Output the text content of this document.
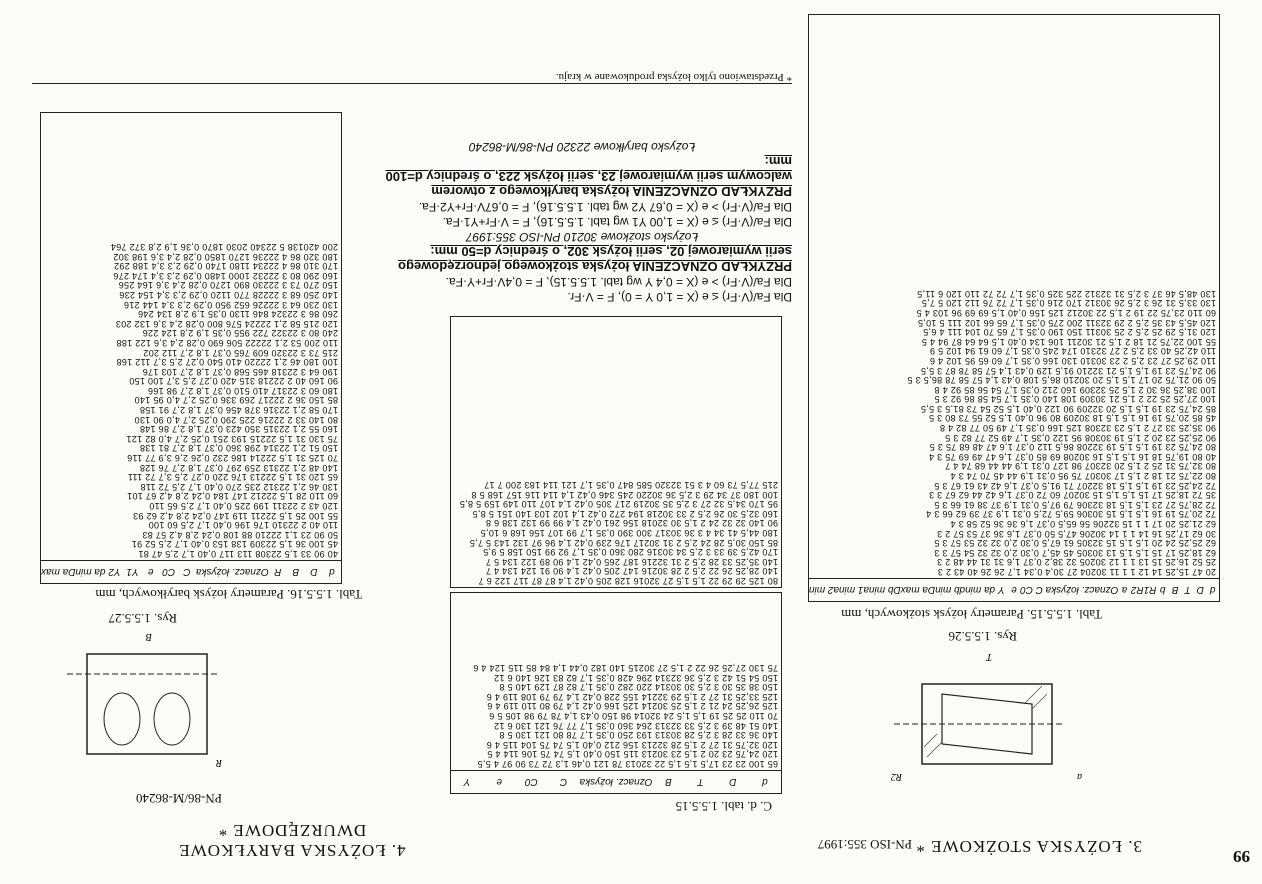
99
3. ŁOŻYSKA STOŻKOWE *
PN-ISO 355:1997
a
R2
T
Rys. 1.5.5.26
Tabl. 1.5.5.15. Parametry łożysk stożkowych, mm
d
D
T
B
b
R1
R2
a
Oznacz. łożyska
C
C0
e
Y
da min
db min
Da max
Db min
a1 min
a2 min
20 47 15,25 14 12 1 1 11 30204 27 30,4 0,34 1,7 26 26 40 43 2 3
25 52 16,25 15 13 1 1 12 30205 32 38,2 0,37 1,6 31 31 44 48 2 3
62 18,25 17 15 1,5 1,5 13 30305 45 45,7 0,30 2,0 32 32 54 57 3 3
62 25,25 24 20 1,5 1,5 15 32305 61 67,5 0,30 2,0 32 32 53 57 3 5
30 62 17,25 16 14 1 1 14 30206 47,5 50 0,37 1,6 36 37 53 57 2 3
62 21,25 20 17 1 1 15 32206 56 65,5 0,37 1,6 36 36 52 58 3 4
72 20,75 19 16 1,5 1,5 15 30306 59,5 72,5 0,31 1,9 37 39 62 66 3 4
72 28,75 27 23 1,5 1,5 18 32306 79 97,5 0,31 1,9 37 38 61 66 3 5
35 72 18,25 17 15 1,5 1,5 15 30207 60 72 0,37 1,6 42 44 62 67 3 3
72 24,25 23 19 1,5 1,5 18 32207 71 91,5 0,37 1,6 42 43 61 67 3 5
80 22,75 21 18 2 1,5 17 30307 75 95 0,31 1,9 44 45 70 74 3 4
80 32,75 31 25 2 1,5 20 32307 98 127 0,31 1,9 44 44 68 74 4 7
40 80 19,75 18 16 1,5 1,5 16 30208 69 85 0,37 1,6 47 49 69 75 3 4
80 24,75 23 19 1,5 1,5 19 32208 86,5 112 0,37 1,6 47 48 68 75 3 5
90 25,25 23 20 2 1,5 19 30308 95 122 0,35 1,7 49 52 77 82 3 5
90 35,25 33 27 2 1,5 23 32308 125 166 0,35 1,7 49 50 77 82 4 8
45 85 20,75 19 16 1,5 1,5 18 30209 80 96 0,40 1,5 52 55 73 80 3 5
85 24,75 23 19 1,5 1,5 20 32209 90 122 0,40 1,5 52 54 73 81,5 3 5,5
100 27,25 25 22 2 1,5 21 30309 108 140 0,35 1,7 54 58 86 92 3 5
100 38,25 36 30 2 1,5 25 32309 160 212 0,35 1,7 54 56 85 92 4 8
50 90 21,75 20 17 1,5 1,5 20 30210 86,5 108 0,43 1,4 57 58 78 86,5 3 5
90 24,75 23 19 1,5 1,5 21 32210 91,5 129 0,43 1,4 57 58 78 87 3 5,5
110 29,25 27 23 2,5 2 23 30310 130 166 0,35 1,7 60 65 95 102 4 6
110 42,25 40 33 2,5 2 27 32310 174 245 0,35 1,7 60 61 94 102 5 9
55 100 22,75 21 18 2 1,5 21 30211 106 134 0,40 1,5 64 64 87 94 4 5
120 31,5 29 25 2,5 2 25 30311 150 190 0,35 1,7 65 70 104 111 4 6,5
120 45,5 43 35 2,5 2 29 32311 200 275 0,35 1,7 65 66 102 111 5 10,5
60 110 23,75 22 19 2 1,5 22 30212 125 156 0,40 1,5 69 69 96 103 4 5
130 33,5 31 26 3 2,5 26 30312 170 216 0,35 1,7 72 76 112 120 5 7,5
130 48,5 46 37 3 2,5 31 32312 225 325 0,35 1,7 72 72 110 120 6 11,5
4. ŁOŻYSKA BARYŁKOWE DWURZĘDOWE *
PN-86/M-86240
C. d. tabl. 1.5.5.15
d
D
T
B
Oznacz. łożyska
C
C0
e
Y
65 100 23 23 17,5 1,5 1,5 22 32013 78 121 0,46 1,3 72 73 90 97 4 5,5
120 24,75 23 20 2 1,5 23 30213 115 150 0,40 1,5 74 75 106 114 4 5
120 32,75 31 27 2 1,5 28 32213 156 212 0,40 1,5 74 75 104 115 4 6
140 36 33 28 3 2,5 28 30313 193 250 0,35 1,7 78 80 121 130 5 8
140 51 48 39 3 2,5 33 32313 264 360 0,35 1,7 77 76 121 130 6 12
70 110 25 25 19 1,5 1,5 24 32014 98 150 0,43 1,4 78 79 98 105 5 6
125 26,25 24 21 2 1,5 25 30214 125 166 0,42 1,4 79 80 110 119 4 6
125 33,25 31 27 2 1,5 29 32214 155 228 0,42 1,4 79 79 108 119 4 6
150 38 35 30 3 2,5 30 30314 220 282 0,35 1,7 82 87 129 140 5 8
150 54 51 42 3 2,5 36 32314 296 428 0,35 1,7 82 83 126 140 6 12
75 130 27,25 26 22 2 1,5 27 30215 140 182 0,44 1,4 84 85 115 124 4 6
80 125 29 29 22 1,5 1,5 27 32016 128 205 0,42 1,4 87 87 117 122 6 7
140 28,25 26 22 2,5 2 28 30216 147 205 0,42 1,4 90 91 124 134 4 7
140 35,25 33 28 2,5 2 31 32216 187 265 0,42 1,4 90 89 122 134 5 7
170 42,5 39 33 3 2,5 34 30316 280 360 0,35 1,7 92 99 150 158 5 9,5
85 150 30,5 28 24 2,5 2 31 30217 176 239 0,42 1,4 96 97 132 143 5 7,5
180 44,5 41 34 4 3 36 30317 300 390 0,35 1,7 99 107 156 168 6 10,5
90 140 32 32 24 2 1,5 30 32018 156 261 0,42 1,4 99 99 132 138 6 8
160 32,5 30 26 2,5 2 33 30218 194 272 0,42 1,4 102 103 140 151 5 8,5
95 170 34,5 32 27 3 2,5 35 30219 217 305 0,42 1,4 107 110 149 159 5 8,5
100 180 37 34 29 3 2,5 36 30220 245 346 0,42 1,4 114 116 157 168 5 8
215 77,5 73 60 4 3 51 32320 585 847 0,35 1,7 121 114 183 200 7 17
R
B
Rys. 1.5.5.27
Tabl. 1.5.5.16. Parametry łożysk baryłkowych, mm
d
D
B
R
Oznacz. łożyska
C
C0
e
Y1
Y2
da min
Da max
40 90 33 1,5 22308 113 117 0,40 1,7 2,5 47 81
45 100 36 1,5 22309 138 153 0,40 1,7 2,5 52 91
50 90 23 1,1 22210 88 108 0,24 2,8 4,2 57 83
110 40 2 22310 176 196 0,40 1,7 2,5 60 100
55 100 25 1,5 22211 119 147 0,24 2,8 4,2 62 93
120 43 2 22311 199 225 0,40 1,7 2,5 65 110
60 110 28 1,5 22212 147 184 0,24 2,8 4,2 67 101
130 46 2,1 22312 235 270 0,40 1,7 2,5 72 118
65 120 31 1,5 22213 176 220 0,27 2,5 3,7 72 111
140 48 2,1 22313 259 297 0,37 1,8 2,7 76 128
70 125 31 1,5 22214 186 232 0,26 2,6 3,9 77 116
150 51 2,1 22314 298 360 0,37 1,8 2,7 81 138
75 130 31 1,5 22215 193 251 0,25 2,7 4,0 82 121
160 55 2,1 22315 350 423 0,37 1,8 2,7 86 148
80 140 33 2 22216 225 290 0,25 2,7 4,0 90 130
170 58 2,1 22316 378 456 0,37 1,8 2,7 91 158
85 150 36 2 22217 269 336 0,25 2,7 4,0 95 140
180 60 3 22317 410 510 0,37 1,8 2,7 98 166
90 160 40 2 22218 315 420 0,27 2,5 3,7 100 150
190 64 3 22318 465 568 0,37 1,8 2,7 103 176
100 180 46 2,1 22220 410 540 0,27 2,5 3,7 112 168
215 73 3 22320 609 765 0,37 1,8 2,7 112 202
110 200 53 2,1 22222 506 690 0,28 2,4 3,6 122 188
240 80 3 22322 722 955 0,35 1,9 2,8 124 226
120 215 58 2,1 22224 576 800 0,28 2,4 3,6 132 203
260 86 3 22324 846 1130 0,35 1,9 2,8 134 246
130 230 64 3 22226 652 950 0,29 2,3 3,4 144 216
140 250 68 3 22228 770 1120 0,29 2,3 3,4 154 236
150 270 73 3 22230 890 1270 0,28 2,4 3,6 164 256
160 290 80 3 22232 1000 1480 0,29 2,3 3,4 174 276
170 310 86 4 22234 1180 1740 0,29 2,3 3,4 188 292
180 320 86 4 22236 1270 1850 0,28 2,4 3,6 198 302
200 420138 5 22340 2030 1870 0,36 1,9 2,8 372 764
Dla Fa/(V·Fr) ≤ e (X = 1,0 Y = 0), F = V·Fr.
Dla Fa/(V·Fr) > e (X = 0,4 Y wg tabl. 1.5.5.15), F = 0,4V·Fr+Y·Fa.
PRZYKŁAD OZNACZENIA łożyska stożkowego jednorzędowego serii wymiarowej 02, serii łożysk 302, o średnicy d=50 mm:
Łożysko stożkowe 30210 PN-ISO 355:1997
Dla Fa/(V·Fr) ≤ e (X = 1,00 Y1 wg tabl. 1.5.5.16), F = V·Fr+Y1·Fa.
Dla Fa/(V·Fr) > e (X = 0,67 Y2 wg tabl. 1.5.5.16), F = 0,67V·Fr+Y2·Fa.
PRZYKŁAD OZNACZENIA łożyska baryłkowego z otworem walcowym serii wymiarowej 23, serii łożysk 223, o średnicy d=100 mm:
Łożysko baryłkowe 22320 PN-86/M-86240
* Przedstawiono tylko łożyska produkowane w kraju.
